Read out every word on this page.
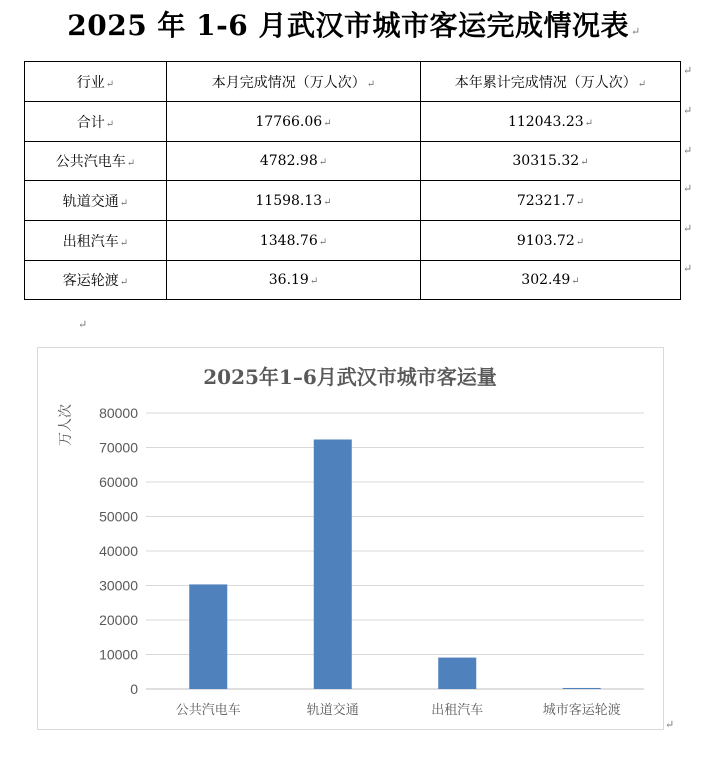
2025 年 1-6 月武汉市城市客运完成情况表 ↵
行业↵	本月完成情况（万人次）↵	本年累计完成情况（万人次）↵
合计↵	17766.06↵	112043.23↵
公共汽电车↵	4782.98↵	30315.32↵
轨道交通↵	11598.13↵	72321.7↵
出租汽车↵	1348.76↵	9103.72↵
客运轮渡↵	36.19↵	302.49↵
↵
↵
↵
↵
↵
↵
↵
↵
2025年1–6月武汉市城市客运量
万人次
0
10000
20000
30000
40000
50000
60000
70000
80000
公共汽电车	轨道交通	出租汽车	城市客运轮渡
